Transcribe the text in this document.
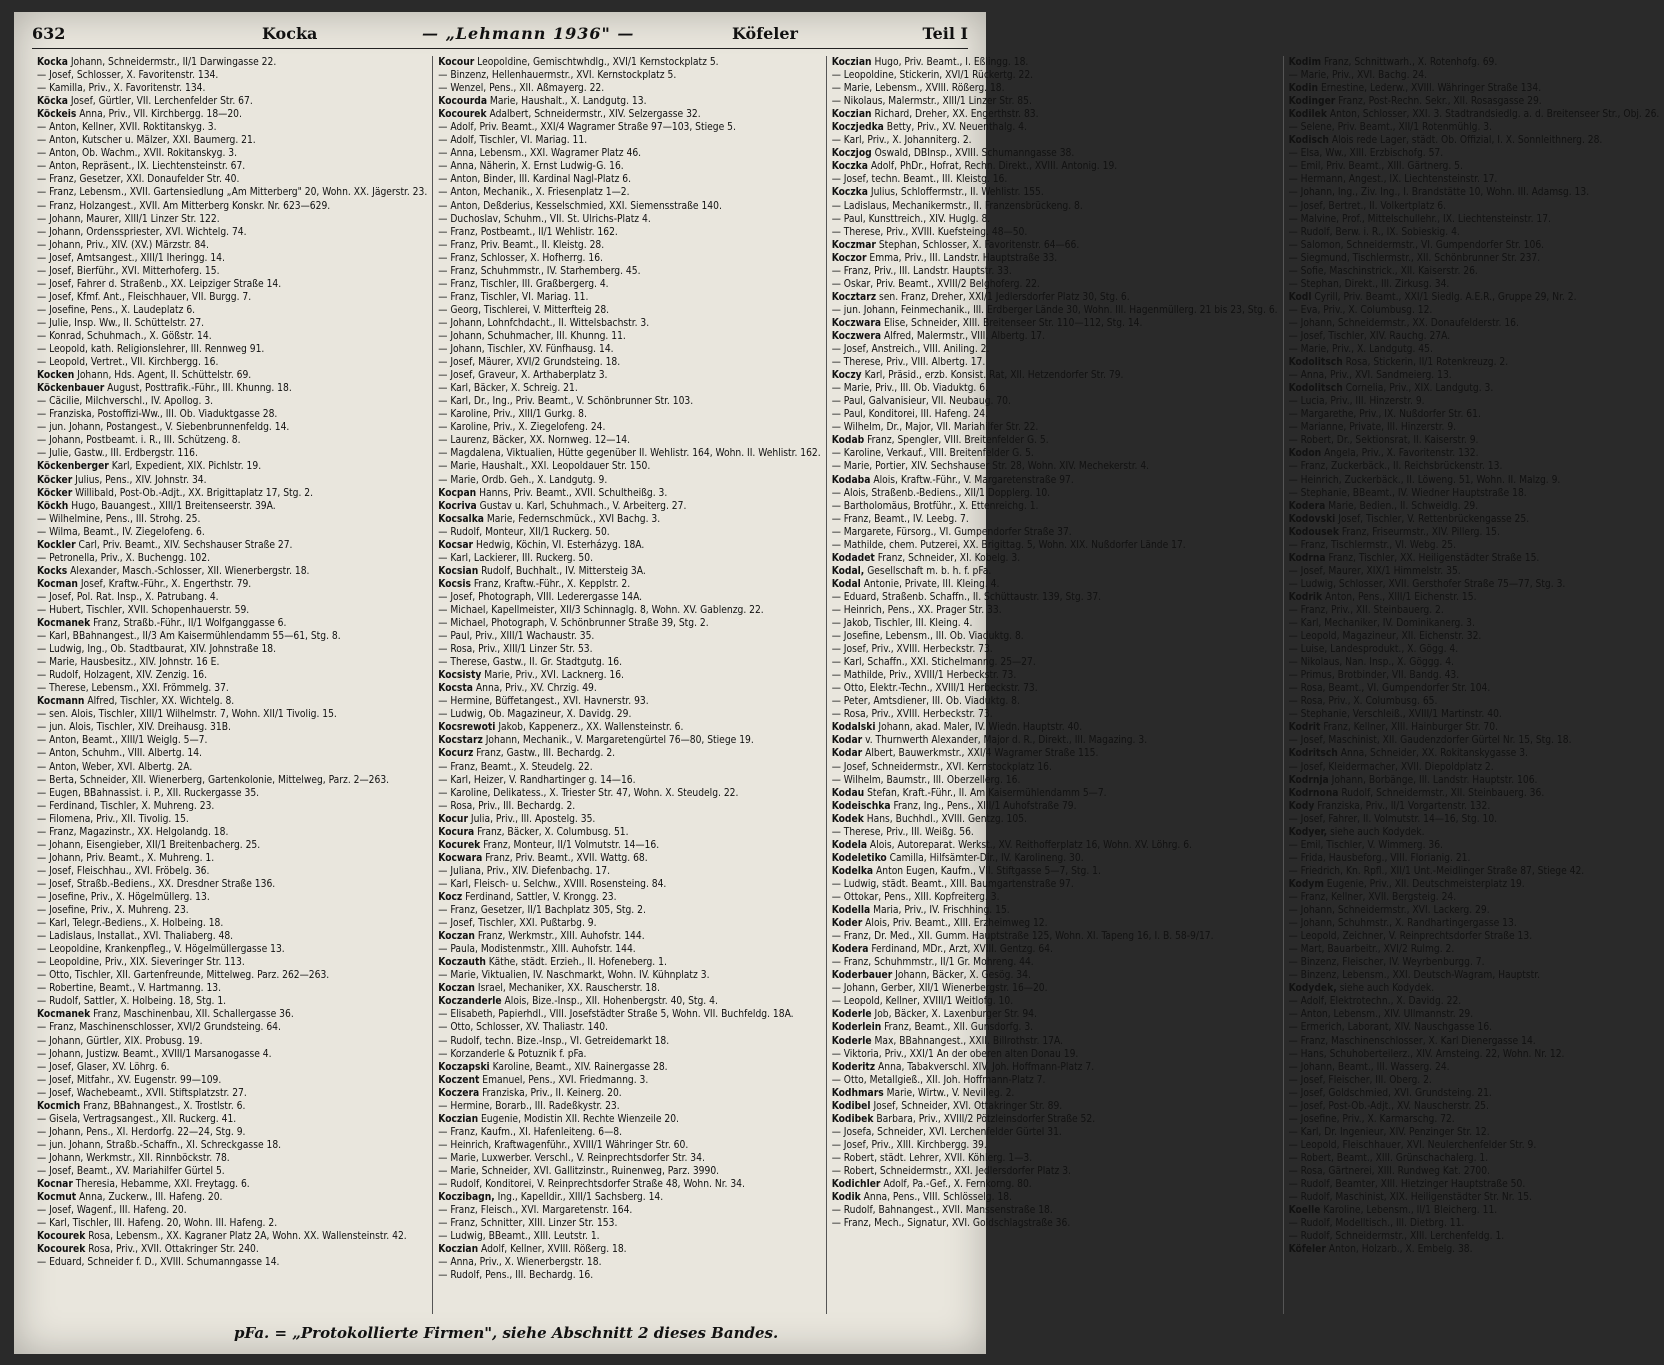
632	Kocka	— „Lehmann 1936" —	Köfeler	Teil I

Kocka Johann, Schneidermstr., II/1 Darwingasse 22.

— Josef, Schlosser, X. Favoritenstr. 134.

— Kamilla, Priv., X. Favoritenstr. 134.

Köcka Josef, Gürtler, VII. Lerchenfelder Str. 67.

Köckeis Anna, Priv., VII. Kirchbergg. 18—20.

— Anton, Kellner, XVII. Roktitanskyg. 3.

— Anton, Kutscher u. Mälzer, XXI. Baumerg. 21.

— Anton, Ob. Wachm., XVII. Rokitanskyg. 3.

— Anton, Repräsent., IX. Liechtensteinstr. 67.

— Franz, Gesetzer, XXI. Donaufelder Str. 40.

— Franz, Lebensm., XVII. Gartensiedlung „Am Mitterberg" 20, Wohn. XX. Jägerstr. 23.

— Franz, Holzangest., XVII. Am Mitterberg Konskr. Nr. 623—629.

— Johann, Maurer, XIII/1 Linzer Str. 122.

— Johann, Ordensspriester, XVI. Wichtelg. 74.

— Johann, Priv., XIV. (XV.) Märzstr. 84.

— Josef, Amtsangest., XIII/1 Iheringg. 14.

— Josef, Bierführ., XVI. Mitterhoferg. 15.

— Josef, Fahrer d. Straßenb., XX. Leipziger Straße 14.

— Josef, Kfmf. Ant., Fleischhauer, VII. Burgg. 7.

— Josefine, Pens., X. Laudeplatz 6.

— Julie, Insp. Ww., II. Schüttelstr. 27.

— Konrad, Schuhmach., X. Gößstr. 14.

— Leopold, kath. Religionslehrer, III. Rennweg 91.

— Leopold, Vertret., VII. Kirchbergg. 16.

Kocken Johann, Hds. Agent, II. Schüttelstr. 69.

Köckenbauer August, Posttrafik.-Führ., III. Khunng. 18.

— Cäcilie, Milchverschl., IV. Apollog. 3.

— Franziska, Postoffizi-Ww., III. Ob. Viaduktgasse 28.

— jun. Johann, Postangest., V. Siebenbrunnenfeldg. 14.

— Johann, Postbeamt. i. R., III. Schützeng. 8.

— Julie, Gastw., III. Erdbergstr. 116.

Köckenberger Karl, Expedient, XIX. Pichlstr. 19.

Köcker Julius, Pens., XIV. Johnstr. 34.

Köcker Willibald, Post-Ob.-Adjt., XX. Brigittaplatz 17, Stg. 2.

Köckh Hugo, Bauangest., XIII/1 Breitenseerstr. 39A.

— Wilhelmine, Pens., III. Strohg. 25.

— Wilma, Beamt., IV. Ziegelofeng. 6.

Kockler Carl, Priv. Beamt., XIV. Sechshauser Straße 27.

— Petronella, Priv., X. Buchengg. 102.

Kocks Alexander, Masch.-Schlosser, XII. Wienerbergstr. 18.

Kocman Josef, Kraftw.-Führ., X. Engerthstr. 79.

— Josef, Pol. Rat. Insp., X. Patrubang. 4.

— Hubert, Tischler, XVII. Schopenhauerstr. 59.

Kocmanek Franz, Straßb.-Führ., II/1 Wolfganggasse 6.

— Karl, BBahnangest., II/3 Am Kaisermühlendamm 55—61, Stg. 8.

— Ludwig, Ing., Ob. Stadtbaurat, XIV. Johnstraße 18.

— Marie, Hausbesitz., XIV. Johnstr. 16 E.

— Rudolf, Holzagent, XIV. Zenzig. 16.

— Therese, Lebensm., XXI. Frömmelg. 37.

Kocmann Alfred, Tischler, XX. Wichtelg. 8.

— sen. Alois, Tischler, XIII/1 Wilhelmstr. 7, Wohn. XII/1 Tivolig. 15.

— jun. Alois, Tischler, XIV. Dreihausg. 31B.

— Anton, Beamt., XIII/1 Weiglg. 5—7.

— Anton, Schuhm., VIII. Albertg. 14.

— Anton, Weber, XVI. Albertg. 2A.

— Berta, Schneider, XII. Wienerberg, Gartenkolonie, Mittelweg, Parz. 2—263.

— Eugen, BBahnassist. i. P., XII. Ruckergasse 35.

— Ferdinand, Tischler, X. Muhreng. 23.

— Filomena, Priv., XII. Tivolig. 15.

— Franz, Magazinstr., XX. Helgolandg. 18.

— Johann, Eisengieber, XII/1 Breitenbacherg. 25.

— Johann, Priv. Beamt., X. Muhreng. 1.

— Josef, Fleischhau., XVI. Fröbelg. 36.

— Josef, Straßb.-Bediens., XX. Dresdner Straße 136.

— Josefine, Priv., X. Högelmüllerg. 13.

— Josefine, Priv., X. Muhreng. 23.

— Karl, Telegr.-Bediens., X. Holbeing. 18.

— Ladislaus, Installat., XVI. Thaliaberg. 48.

— Leopoldine, Krankenpfleg., V. Högelmüllergasse 13.

— Leopoldine, Priv., XIX. Sieveringer Str. 113.

— Otto, Tischler, XII. Gartenfreunde, Mittelweg. Parz. 262—263.

— Robertine, Beamt., V. Hartmanng. 13.

— Rudolf, Sattler, X. Holbeing. 18, Stg. 1.

Kocmanek Franz, Maschinenbau, XII. Schallergasse 36.

— Franz, Maschinenschlosser, XVI/2 Grundsteing. 64.

— Johann, Gürtler, XIX. Probusg. 19.

— Johann, Justizw. Beamt., XVIII/1 Marsanogasse 4.

— Josef, Glaser, XV. Löhrg. 6.

— Josef, Mitfahr., XV. Eugenstr. 99—109.

— Josef, Wachebeamt., XVII. Stiftsplatzstr. 27.

Kocmich Franz, BBahnangest., X. Trostlstr. 6.

— Gisela, Vertragsangest., XII. Ruckerg. 41.

— Johann, Pens., XI. Herdorfg. 22—24, Stg. 9.

— jun. Johann, Straßb.-Schaffn., XI. Schreckgasse 18.

— Johann, Werkmstr., XII. Rinnböckstr. 78.

— Josef, Beamt., XV. Mariahilfer Gürtel 5.

Kocnar Theresia, Hebamme, XXI. Freytagg. 6.

Kocmut Anna, Zuckerw., III. Hafeng. 20.

— Josef, Wagenf., III. Hafeng. 20.

— Karl, Tischler, III. Hafeng. 20, Wohn. III. Hafeng. 2.

Kocourek Rosa, Lebensm., XX. Kagraner Platz 2A, Wohn. XX. Wallensteinstr. 42.

Kocourek Rosa, Priv., XVII. Ottakringer Str. 240.

— Eduard, Schneider f. D., XVIII. Schumanngasse 14.

Kocour Leopoldine, Gemischtwhdlg., XVI/1 Kernstockplatz 5.

— Binzenz, Hellenhauermstr., XVI. Kernstockplatz 5.

— Wenzel, Pens., XII. Aßmayerg. 22.

Kocourda Marie, Haushalt., X. Landgutg. 13.

Kocourek Adalbert, Schneidermstr., XIV. Selzergasse 32.

— Adolf, Priv. Beamt., XXI/4 Wagramer Straße 97—103, Stiege 5.

— Adolf, Tischler, VI. Mariag. 11.

— Anna, Lebensm., XXI. Wagramer Platz 46.

— Anna, Näherin, X. Ernst Ludwig-G. 16.

— Anton, Binder, III. Kardinal Nagl-Platz 6.

— Anton, Mechanik., X. Friesenplatz 1—2.

— Anton, Deßderius, Kesselschmied, XXI. Siemensstraße 140.

— Duchoslav, Schuhm., VII. St. Ulrichs-Platz 4.

— Franz, Postbeamt., II/1 Wehlistr. 162.

— Franz, Priv. Beamt., II. Kleistg. 28.

— Franz, Schlosser, X. Hofherrg. 16.

— Franz, Schuhmmstr., IV. Starhemberg. 45.

— Franz, Tischler, III. Graßbergerg. 4.

— Franz, Tischler, VI. Mariag. 11.

— Georg, Tischlerei, V. Mitterfteig 28.

— Johann, Lohnfchdacht., II. Wittelsbachstr. 3.

— Johann, Schuhmacher, III. Khunng. 11.

— Johann, Tischler, XV. Fünfhausg. 14.

— Josef, Mäurer, XVI/2 Grundsteing. 18.

— Josef, Graveur, X. Arthaberplatz 3.

— Karl, Bäcker, X. Schreig. 21.

— Karl, Dr., Ing., Priv. Beamt., V. Schönbrunner Str. 103.

— Karoline, Priv., XIII/1 Gurkg. 8.

— Karoline, Priv., X. Ziegelofeng. 24.

— Laurenz, Bäcker, XX. Nornweg. 12—14.

— Magdalena, Viktualien, Hütte gegenüber II. Wehlistr. 164, Wohn. II. Wehlistr. 162.

— Marie, Haushalt., XXI. Leopoldauer Str. 150.

— Marie, Ordb. Geh., X. Landgutg. 9.

Kocpan Hanns, Priv. Beamt., XVII. Schultheißg. 3.

Kocriva Gustav u. Karl, Schuhmach., V. Arbeiterg. 27.

Kocsalka Marie, Federnschmück., XVI Bachg. 3.

— Rudolf, Monteur, XII/1 Ruckerg. 50.

Kocsar Hedwig, Köchin, VI. Esterházyg. 18A.

— Karl, Lackierer, III. Ruckerg. 50.

Kocsian Rudolf, Buchhalt., IV. Mittersteig 3A.

Kocsis Franz, Kraftw.-Führ., X. Kepplstr. 2.

— Josef, Photograph, VIII. Lederergasse 14A.

— Michael, Kapellmeister, XII/3 Schinnaglg. 8, Wohn. XV. Gablenzg. 22.

— Michael, Photograph, V. Schönbrunner Straße 39, Stg. 2.

— Paul, Priv., XIII/1 Wachaustr. 35.

— Rosa, Priv., XIII/1 Linzer Str. 53.

— Therese, Gastw., II. Gr. Stadtgutg. 16.

Kocsisty Marie, Priv., XVI. Lacknerg. 16.

Kocsta Anna, Priv., XV. Chrzig. 49.

— Hermine, Büffetangest., XVI. Havnerstr. 93.

— Ludwig, Ob. Magazineur, X. Davidg. 29.

Kocsrewoti Jakob, Kappenerz., XX. Wallensteinstr. 6.

Kocstarz Johann, Mechanik., V. Margaretengürtel 76—80, Stiege 19.

Kocurz Franz, Gastw., III. Bechardg. 2.

— Franz, Beamt., X. Steudelg. 22.

— Karl, Heizer, V. Randhartinger g. 14—16.

— Karoline, Delikatess., X. Triester Str. 47, Wohn. X. Steudelg. 22.

— Rosa, Priv., III. Bechardg. 2.

Kocur Julia, Priv., III. Apostelg. 35.

Kocura Franz, Bäcker, X. Columbusg. 51.

Kocurek Franz, Monteur, II/1 Volmutstr. 14—16.

Kocwara Franz, Priv. Beamt., XVII. Wattg. 68.

— Juliana, Priv., XIV. Diefenbachg. 17.

— Karl, Fleisch- u. Selchw., XVIII. Rosensteing. 84.

Kocz Ferdinand, Sattler, V. Krongg. 23.

— Franz, Gesetzer, II/1 Bachplatz 305, Stg. 2.

— Josef, Tischler, XXI. Pußtarbg. 9.

Koczan Franz, Werkmstr., XIII. Auhofstr. 144.

— Paula, Modistenmstr., XIII. Auhofstr. 144.

Koczauth Käthe, städt. Erzieh., II. Hofeneberg. 1.

— Marie, Viktualien, IV. Naschmarkt, Wohn. IV. Kühnplatz 3.

Koczan Israel, Mechaniker, XX. Rauscherstr. 18.

Koczanderle Alois, Bize.-Insp., XII. Hohenbergstr. 40, Stg. 4.

— Elisabeth, Papierhdl., VIII. Josefstädter Straße 5, Wohn. VII. Buchfeldg. 18A.

— Otto, Schlosser, XV. Thaliastr. 140.

— Rudolf, techn. Bize.-Insp., VI. Getreidemarkt 18.

— Korzanderle & Potuznik f. pFa.

Koczapski Karoline, Beamt., XIV. Rainergasse 28.

Koczent Emanuel, Pens., XVI. Friedmanng. 3.

Koczera Franziska, Priv., II. Keinerg. 20.

— Hermine, Borarb., III. Radeßkystr. 23.

Koczian Eugenie, Modistin XII. Rechte Wienzeile 20.

— Franz, Kaufm., XI. Hafenleiteng. 6—8.

— Heinrich, Kraftwagenführ., XVIII/1 Währinger Str. 60.

— Marie, Luxwerber. Verschl., V. Reinprechtsdorfer Str. 34.

— Marie, Schneider, XVI. Gallitzinstr., Ruinenweg, Parz. 3990.

— Rudolf, Konditorei, V. Reinprechtsdorfer Straße 48, Wohn. Nr. 34.

Koczibagn, Ing., Kapelldir., XIII/1 Sachsberg. 14.

— Franz, Fleisch., XVI. Margaretenstr. 164.

— Franz, Schnitter, XIII. Linzer Str. 153.

— Ludwig, BBeamt., XIII. Leutstr. 1.

Koczian Adolf, Kellner, XVIII. Rößerg. 18.

— Anna, Priv., X. Wienerbergstr. 18.

— Rudolf, Pens., III. Bechardg. 16.

Koczian Hugo, Priv. Beamt., I. Eßlingg. 18.

— Leopoldine, Stickerin, XVI/1 Rückertg. 22.

— Marie, Lebensm., XVIII. Rößerg. 18.

— Nikolaus, Malermstr., XIII/1 Linzer Str. 85.

Koczian Richard, Dreher, XX. Engerthstr. 83.

Koczjedka Betty, Priv., XV. Neuenthalg. 4.

— Karl, Priv., X. Johanniterg. 2.

Koczjog Oswald, DBInsp., XVIII. Schumanngasse 38.

Koczka Adolf, PhDr., Hofrat, Rechn. Direkt., XVIII. Antonig. 19.

— Josef, techn. Beamt., III. Kleistg. 16.

Koczka Julius, Schloffermstr., II. Wehlistr. 155.

— Ladislaus, Mechanikermstr., II. Franzensbrückeng. 8.

— Paul, Kunsttreich., XIV. Huglg. 8.

— Therese, Priv., XVIII. Kuefsteing. 48—50.

Koczmar Stephan, Schlosser, X. Favoritenstr. 64—66.

Koczor Emma, Priv., III. Landstr. Hauptstraße 33.

— Franz, Priv., III. Landstr. Hauptstr. 33.

— Oskar, Priv. Beamt., XVIII/2 Belghoferg. 22.

Kocztarz sen. Franz, Dreher, XXI/1 Jedlersdorfer Platz 30, Stg. 6.

— jun. Johann, Feinmechanik., III. Erdberger Lände 30, Wohn. III. Hagenmüllerg. 21 bis 23, Stg. 6.

Koczwara Elise, Schneider, XIII. Breitenseer Str. 110—112, Stg. 14.

Koczwera Alfred, Malermstr., VIII. Albertg. 17.

— Josef, Anstreich., VIII. Aniling. 2.

— Therese, Priv., VIII. Albertg. 17.

Koczy Karl, Präsid., erzb. Konsist. Rat, XII. Hetzendorfer Str. 79.

— Marie, Priv., III. Ob. Viaduktg. 6.

— Paul, Galvanisieur, VII. Neubaug. 70.

— Paul, Konditorei, III. Hafeng. 24.

— Wilhelm, Dr., Major, VII. Mariahilfer Str. 22.

Kodab Franz, Spengler, VIII. Breitenfelder G. 5.

— Karoline, Verkauf., VIII. Breitenfelder G. 5.

— Marie, Portier, XIV. Sechshauser Str. 28, Wohn. XIV. Mechekerstr. 4.

Kodaba Alois, Kraftw.-Führ., V. Margaretenstraße 97.

— Alois, Straßenb.-Bediens., XII/1 Dopplerg. 10.

— Bartholomäus, Brotführ., X. Ettenreichg. 1.

— Franz, Beamt., IV. Leebg. 7.

— Margarete, Fürsorg., VI. Gumpendorfer Straße 37.

— Mathilde, chem. Putzerei, XX. Brigittag. 5, Wohn. XIX. Nußdorfer Lände 17.

Kodadet Franz, Schneider, XI. Kobelg. 3.

Kodal, Gesellschaft m. b. h. f. pFa.

Kodal Antonie, Private, III. Kleing. 4.

— Eduard, Straßenb. Schaffn., II. Schüttaustr. 139, Stg. 37.

— Heinrich, Pens., XX. Prager Str. 33.

— Jakob, Tischler, III. Kleing. 4.

— Josefine, Lebensm., III. Ob. Viaduktg. 8.

— Josef, Priv., XVIII. Herbeckstr. 73.

— Karl, Schaffn., XXI. Stichelmanng. 25—27.

— Mathilde, Priv., XVIII/1 Herbeckstr. 73.

— Otto, Elektr.-Techn., XVIII/1 Herbeckstr. 73.

— Peter, Amtsdiener, III. Ob. Viaduktg. 8.

— Rosa, Priv., XVIII. Herbeckstr. 73.

Kodalski Johann, akad. Maler, IV. Wiedn. Hauptstr. 40.

Kodar v. Thurnwerth Alexander, Major d. R., Direkt., III. Magazing. 3.

Kodar Albert, Bauwerkmstr., XXI/4 Wagramer Straße 115.

— Josef, Schneidermstr., XVI. Kernstockplatz 16.

— Wilhelm, Baumstr., III. Oberzellerg. 16.

Kodau Stefan, Kraft.-Führ., II. Am Kaisermühlendamm 5—7.

Kodeischka Franz, Ing., Pens., XIII/1 Auhofstraße 79.

Kodek Hans, Buchhdl., XVIII. Gentzg. 105.

— Therese, Priv., III. Weißg. 56.

Kodela Alois, Autoreparat. Werkst., XV. Reithofferplatz 16, Wohn. XV. Löhrg. 6.

Kodeletiko Camilla, Hilfsämter-Dir., IV. Karolineng. 30.

Kodelka Anton Eugen, Kaufm., VII. Stiftgasse 5—7, Stg. 1.

— Ludwig, städt. Beamt., XIII. Baumgartenstraße 97.

— Ottokar, Pens., XIII. Kopfreiterg. 3.

Kodella Maria, Priv., IV. Frischhing. 15.

Koder Alois, Priv. Beamt., XIII. Erzheimweg 12.

— Franz, Dr. Med., XII. Gumm. Hauptstraße 125, Wohn. XI. Tapeng 16, I. B. 58-9/17.

Kodera Ferdinand, MDr., Arzt, XVIII. Gentzg. 64.

— Franz, Schuhmmstr., II/1 Gr. Mohreng. 44.

Koderbauer Johann, Bäcker, X. Gesög. 34.

— Johann, Gerber, XII/1 Wienerbergstr. 16—20.

— Leopold, Kellner, XVIII/1 Weitlofg. 10.

Koderle Job, Bäcker, X. Laxenburger Str. 94.

Koderlein Franz, Beamt., XII. Gunsdorfg. 3.

Koderle Max, BBahnangest., XXII. Billrothstr. 17A.

— Viktoria, Priv., XXI/1 An der oberen alten Donau 19.

Koderitz Anna, Tabakverschl. XIV. Joh. Hoffmann-Platz 7.

— Otto, Metallgieß., XII. Joh. Hoffmann-Platz 7.

Kodhmars Marie, Wirtw., V. Nevilleg. 2.

Kodibel Josef, Schneider, XVI. Ottakringer Str. 89.

Kodibek Barbara, Priv., XVIII/2 Pötzleinsdorfer Straße 52.

— Josefa, Schneider, XVI. Lerchenfelder Gürtel 31.

— Josef, Priv., XIII. Kirchbergg. 39.

— Robert, städt. Lehrer, XVII. Köhlerg. 1—3.

— Robert, Schneidermstr., XXI. Jedlersdorfer Platz 3.

Kodichler Adolf, Pa.-Gef., X. Fernkorng. 80.

Kodik Anna, Pens., VIII. Schlösselg. 18.

— Rudolf, Bahnangest., XVII. Manssenstraße 18.

— Franz, Mech., Signatur, XVI. Goldschlagstraße 36.

Kodim Franz, Schnittwarh., X. Rotenhofg. 69.

— Marie, Priv., XVI. Bachg. 24.

Kodin Ernestine, Lederw., XVIII. Währinger Straße 134.

Kodinger Franz, Post-Rechn. Sekr., XII. Rosasgasse 29.

Kodilek Anton, Schlosser, XXI. 3. Stadtrandsiedlg. a. d. Breitenseer Str., Obj. 26.

— Selene, Priv. Beamt., XII/1 Rotenmühlg. 3.

Kodisch Alois rede Lager, städt. Ob. Offizial, I. X. Sonnleithnerg. 28.

— Elsa, Ww., XIII. Erzbischofg. 57.

— Emil, Priv. Beamt., XIII. Gärtnerg. 5.

— Hermann, Angest., IX. Liechtensteinstr. 17.

— Johann, Ing., Ziv. Ing., I. Brandstätte 10, Wohn. III. Adamsg. 13.

— Josef, Bertret., II. Volkertplatz 6.

— Malvine, Prof., Mittelschullehr., IX. Liechtensteinstr. 17.

— Rudolf, Berw. i. R., IX. Sobieskig. 4.

— Salomon, Schneidermstr., VI. Gumpendorfer Str. 106.

— Siegmund, Tischlermstr., XII. Schönbrunner Str. 237.

— Sofie, Maschinstrick., XII. Kaiserstr. 26.

— Stephan, Direkt., III. Zirkusg. 34.

Kodl Cyrill, Priv. Beamt., XXI/1 Siedlg. A.E.R., Gruppe 29, Nr. 2.

— Eva, Priv., X. Columbusg. 12.

— Johann, Schneidermstr., XX. Donaufelderstr. 16.

— Josef, Tischler, XIV. Rauchg. 27A.

— Marie, Priv., X. Landgutg. 45.

Kodolitsch Rosa, Stickerin, II/1 Rotenkreuzg. 2.

— Anna, Priv., XVI. Sandmeierg. 13.

Kodolitsch Cornelia, Priv., XIX. Landgutg. 3.

— Lucia, Priv., III. Hinzerstr. 9.

— Margarethe, Priv., IX. Nußdorfer Str. 61.

— Marianne, Private, III. Hinzerstr. 9.

— Robert, Dr., Sektionsrat, II. Kaiserstr. 9.

Kodon Angela, Priv., X. Favoritenstr. 132.

— Franz, Zuckerbäck., II. Reichsbrückenstr. 13.

— Heinrich, Zuckerbäck., II. Löweng. 51, Wohn. II. Malzg. 9.

— Stephanie, BBeamt., IV. Wiedner Hauptstraße 18.

Kodera Marie, Bedien., II. Schweidlg. 29.

Kodovski Josef, Tischler, V. Rettenbrückengasse 25.

Kodousek Franz, Friseurmstr., XIV. Pillerg. 15.

— Franz, Tischlermstr., VI. Webg. 25.

Kodrna Franz, Tischler, XX. Heiligenstädter Straße 15.

— Josef, Maurer, XIX/1 Himmelstr. 35.

— Ludwig, Schlosser, XVII. Gersthofer Straße 75—77, Stg. 3.

Kodrik Anton, Pens., XIII/1 Eichenstr. 15.

— Franz, Priv., XII. Steinbauerg. 2.

— Karl, Mechaniker, IV. Dominikanerg. 3.

— Leopold, Magazineur, XII. Eichenstr. 32.

— Luise, Landesprodukt., X. Gögg. 4.

— Nikolaus, Nan. Insp., X. Göggg. 4.

— Primus, Brotbinder, VII. Bandg. 43.

— Rosa, Beamt., VI. Gumpendorfer Str. 104.

— Rosa, Priv., X. Columbusg. 65.

— Stephanie, Verschleiß., XVIII/1 Martinstr. 40.

Kodrit Franz, Kellner, XIII. Hainburger Str. 70.

— Josef, Maschinist, XII. Gaudenzdorfer Gürtel Nr. 15, Stg. 18.

Kodritsch Anna, Schneider, XX. Rokitanskygasse 3.

— Josef, Kleidermacher, XVII. Diepoldplatz 2.

Kodrnja Johann, Borbänge, III. Landstr. Hauptstr. 106.

Kodrnona Rudolf, Schneidermstr., XII. Steinbauerg. 36.

Kody Franziska, Priv., II/1 Vorgartenstr. 132.

— Josef, Fahrer, II. Volmutstr. 14—16, Stg. 10.

Kodyer, siehe auch Kodydek.

— Emil, Tischler, V. Wimmerg. 36.

— Frida, Hausbeforg., VIII. Florianig. 21.

— Friedrich, Kn. Rpfl., XII/1 Unt.-Meidlinger Straße 87, Stiege 42.

Kodym Eugenie, Priv., XII. Deutschmeisterplatz 19.

— Franz, Kellner, XVII. Bergsteig. 24.

— Johann, Schneidermstr., XVI. Lackerg. 29.

— Johann, Schuhmstr., X. Randhartingergasse 13.

— Leopold, Zeichner, V. Reinprechtsdorfer Straße 13.

— Mart, Bauarbeitr., XVI/2 Rulmg. 2.

— Binzenz, Fleischer, IV. Weyrbenburgg. 7.

— Binzenz, Lebensm., XXI. Deutsch-Wagram, Hauptstr.

Kodydek, siehe auch Kodydek.

— Adolf, Elektrotechn., X. Davidg. 22.

— Anton, Lebensm., XIV. Ullmannstr. 29.

— Ermerich, Laborant, XIV. Nauschgasse 16.

— Franz, Maschinenschlosser, X. Karl Dienergasse 14.

— Hans, Schuhoberteilerz., XIV. Arnsteing. 22, Wohn. Nr. 12.

— Johann, Beamt., III. Wasserg. 24.

— Josef, Fleischer, III. Oberg. 2.

— Josef, Goldschmied, XVI. Grundsteing. 21.

— Josef, Post-Ob.-Adjt., XV. Nauscherstr. 25.

— Josefine, Priv., X. Karmarschg. 72.

— Karl, Dr. Ingenieur, XIV. Penzinger Str. 12.

— Leopold, Fleischhauer, XVI. Neulerchenfelder Str. 9.

— Robert, Beamt., XIII. Grünschachalerg. 1.

— Rosa, Gärtnerei, XIII. Rundweg Kat. 2700.

— Rudolf, Beamter, XIII. Hietzinger Hauptstraße 50.

— Rudolf, Maschinist, XIX. Heiligenstädter Str. Nr. 15.

Koelle Karoline, Lebensm., II/1 Bleicherg. 11.

— Rudolf, Modelltisch., III. Dietbrg. 11.

— Rudolf, Schneidermstr., XIII. Lerchenfeldg. 1.

Köfeler Anton, Holzarb., X. Embelg. 38.

pFa. = „Protokollierte Firmen", siehe Abschnitt 2 dieses Bandes.
